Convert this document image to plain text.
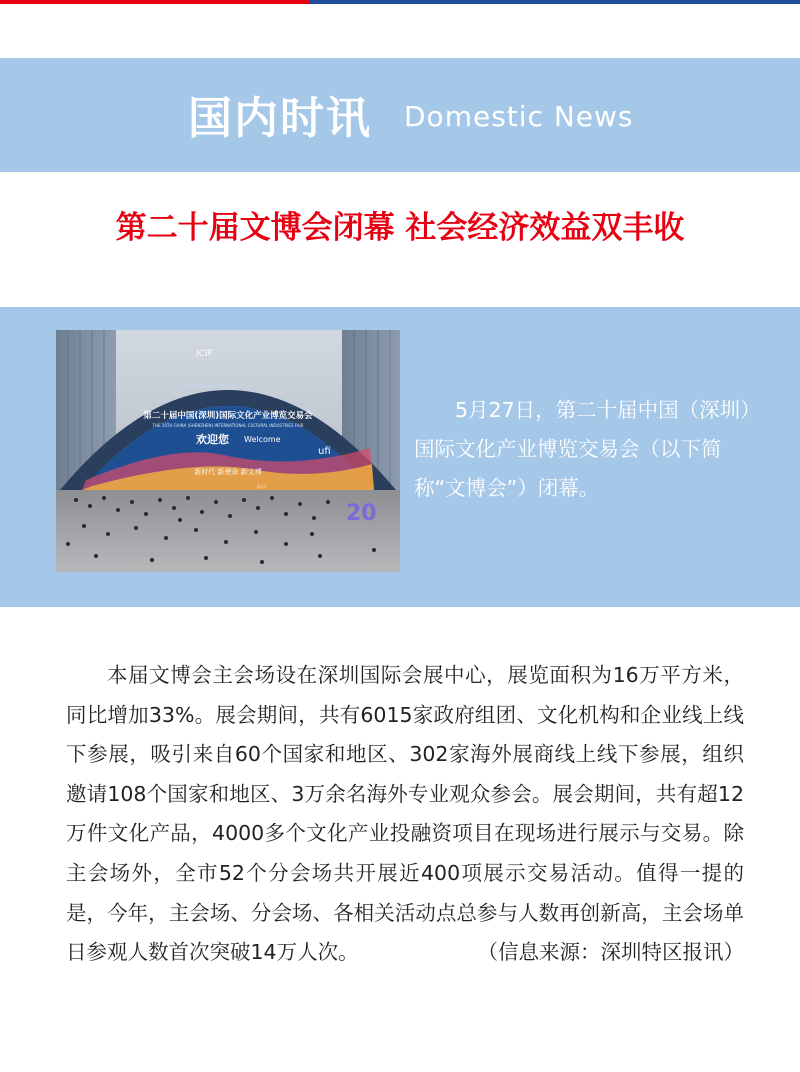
国内时讯 Domestic News
第二十届文博会闭幕 社会经济效益双丰收
ICIF
Shenzhen World
第二十届中国(深圳)国际文化产业博览交易会
THE 20TH CHINA (SHENZHEN) INTERNATIONAL CULTURAL INDUSTRIES FAIR
欢迎您 Welcome
新时代 新使命 新文博
ufi
入口
20
5月27日，第二十届中国（深圳）国际文化产业博览交易会（以下简称“文博会”）闭幕。
本届文博会主会场设在深圳国际会展中心，展览面积为16万平方米，同比增加33%。展会期间，共有6015家政府组团、文化机构和企业线上线下参展，吸引来自60个国家和地区、302家海外展商线上线下参展，组织邀请108个国家和地区、3万余名海外专业观众参会。展会期间，共有超12万件文化产品，4000多个文化产业投融资项目在现场进行展示与交易。除主会场外，全市52个分会场共开展近400项展示交易活动。值得一提的是，今年，主会场、分会场、各相关活动点总参与人数再创新高，主会场单日参观人数首次突破14万人次。	（信息来源：深圳特区报讯）
